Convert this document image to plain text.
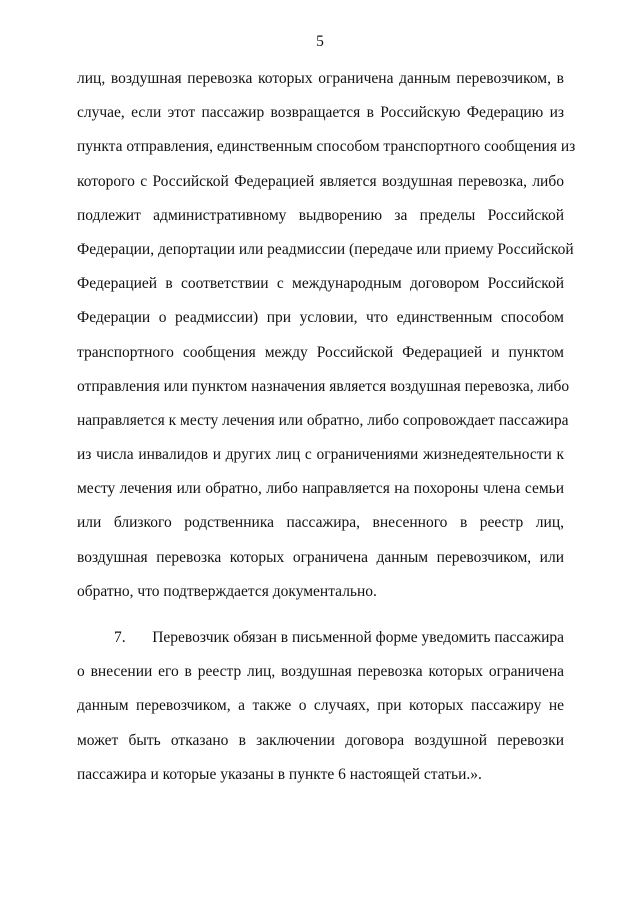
5
лиц, воздушная перевозка которых ограничена данным перевозчиком, в
случае, если этот пассажир возвращается в Российскую Федерацию из
пункта отправления, единственным способом транспортного сообщения из
которого с Российской Федерацией является воздушная перевозка, либо
подлежит административному выдворению за пределы Российской
Федерации, депортации или реадмиссии (передаче или приему Российской
Федерацией в соответствии с международным договором Российской
Федерации о реадмиссии) при условии, что единственным способом
транспортного сообщения между Российской Федерацией и пунктом
отправления или пунктом назначения является воздушная перевозка, либо
направляется к месту лечения или обратно, либо сопровождает пассажира
из числа инвалидов и других лиц с ограничениями жизнедеятельности к
месту лечения или обратно, либо направляется на похороны члена семьи
или близкого родственника пассажира, внесенного в реестр лиц,
воздушная перевозка которых ограничена данным перевозчиком, или
обратно, что подтверждается документально.
7.	Перевозчик обязан в письменной форме уведомить пассажира
о внесении его в реестр лиц, воздушная перевозка которых ограничена
данным перевозчиком, а также о случаях, при которых пассажиру не
может быть отказано в заключении договора воздушной перевозки
пассажира и которые указаны в пункте 6 настоящей статьи.».
